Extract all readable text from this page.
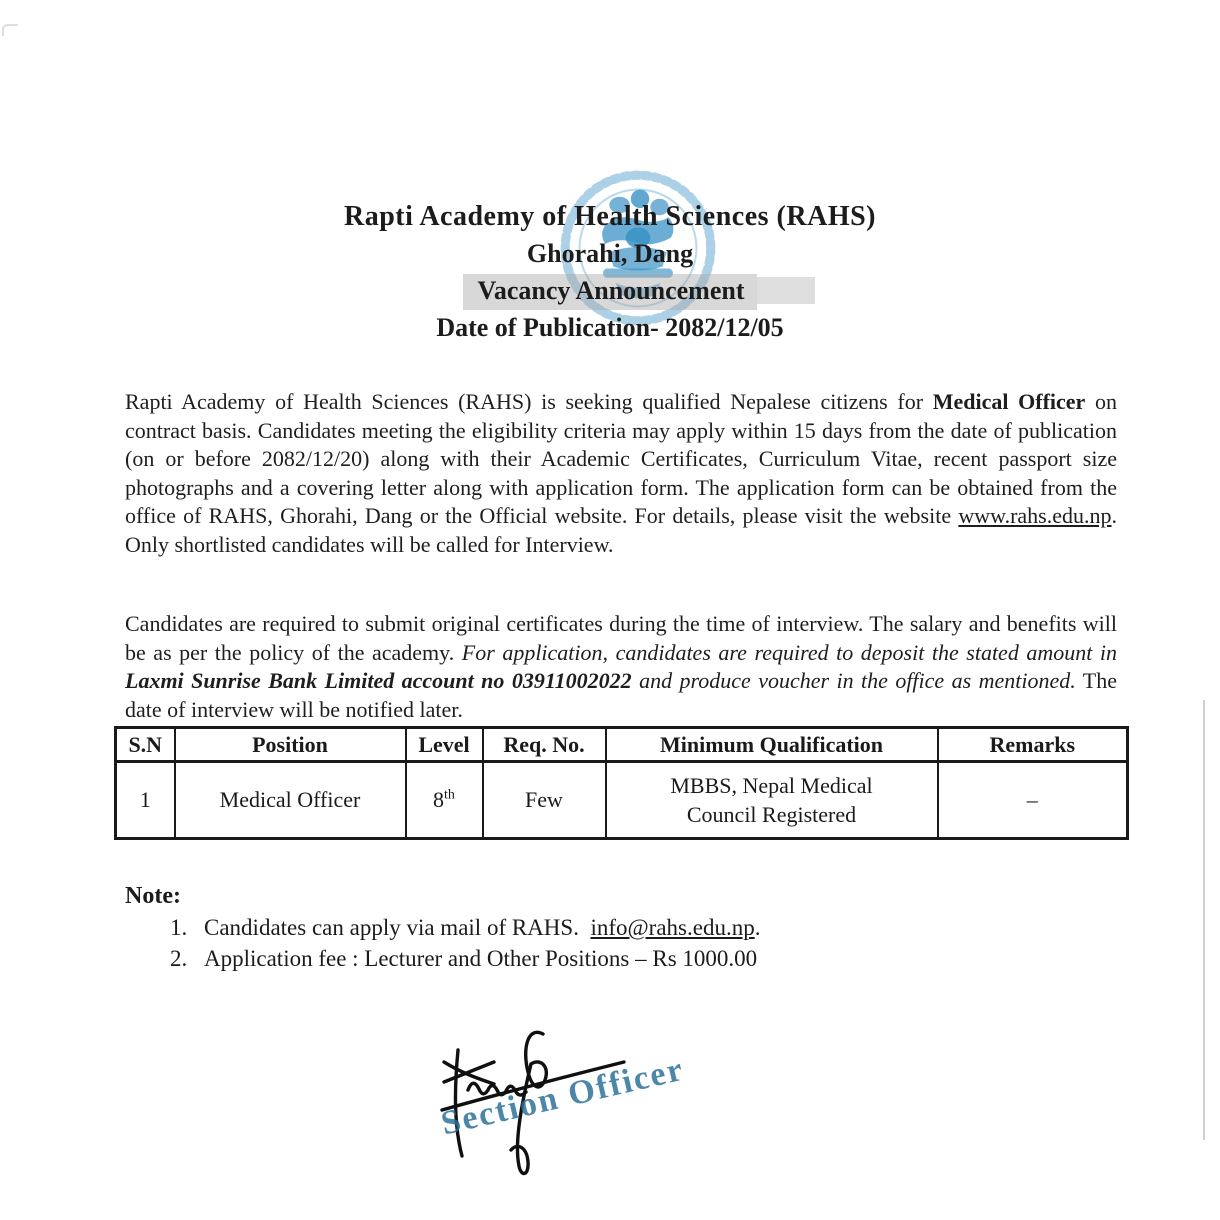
Rapti Academy of Health Sciences (RAHS)
Ghorahi, Dang
Vacancy Announcement
Date of Publication- 2082/12/05

Rapti Academy of Health Sciences (RAHS) is seeking qualified Nepalese citizens for Medical Officer on contract basis. Candidates meeting the eligibility criteria may apply within 15 days from the date of publication (on or before 2082/12/20) along with their Academic Certificates, Curriculum Vitae, recent passport size photographs and a covering letter along with application form. The application form can be obtained from the office of RAHS, Ghorahi, Dang or the Official website. For details, please visit the website www.rahs.edu.np. Only shortlisted candidates will be called for Interview.

Candidates are required to submit original certificates during the time of interview. The salary and benefits will be as per the policy of the academy. For application, candidates are required to deposit the stated amount in Laxmi Sunrise Bank Limited account no 03911002022 and produce voucher in the office as mentioned. The date of interview will be notified later.

S.N	Position	Level	Req. No.	Minimum Qualification	Remarks
1	Medical Officer	8th	Few	MBBS, Nepal Medical Council Registered	–
Note:
1. Candidates can apply via mail of RAHS.  info@rahs.edu.np.
2. Application fee : Lecturer and Other Positions – Rs 1000.00
Section Officer
